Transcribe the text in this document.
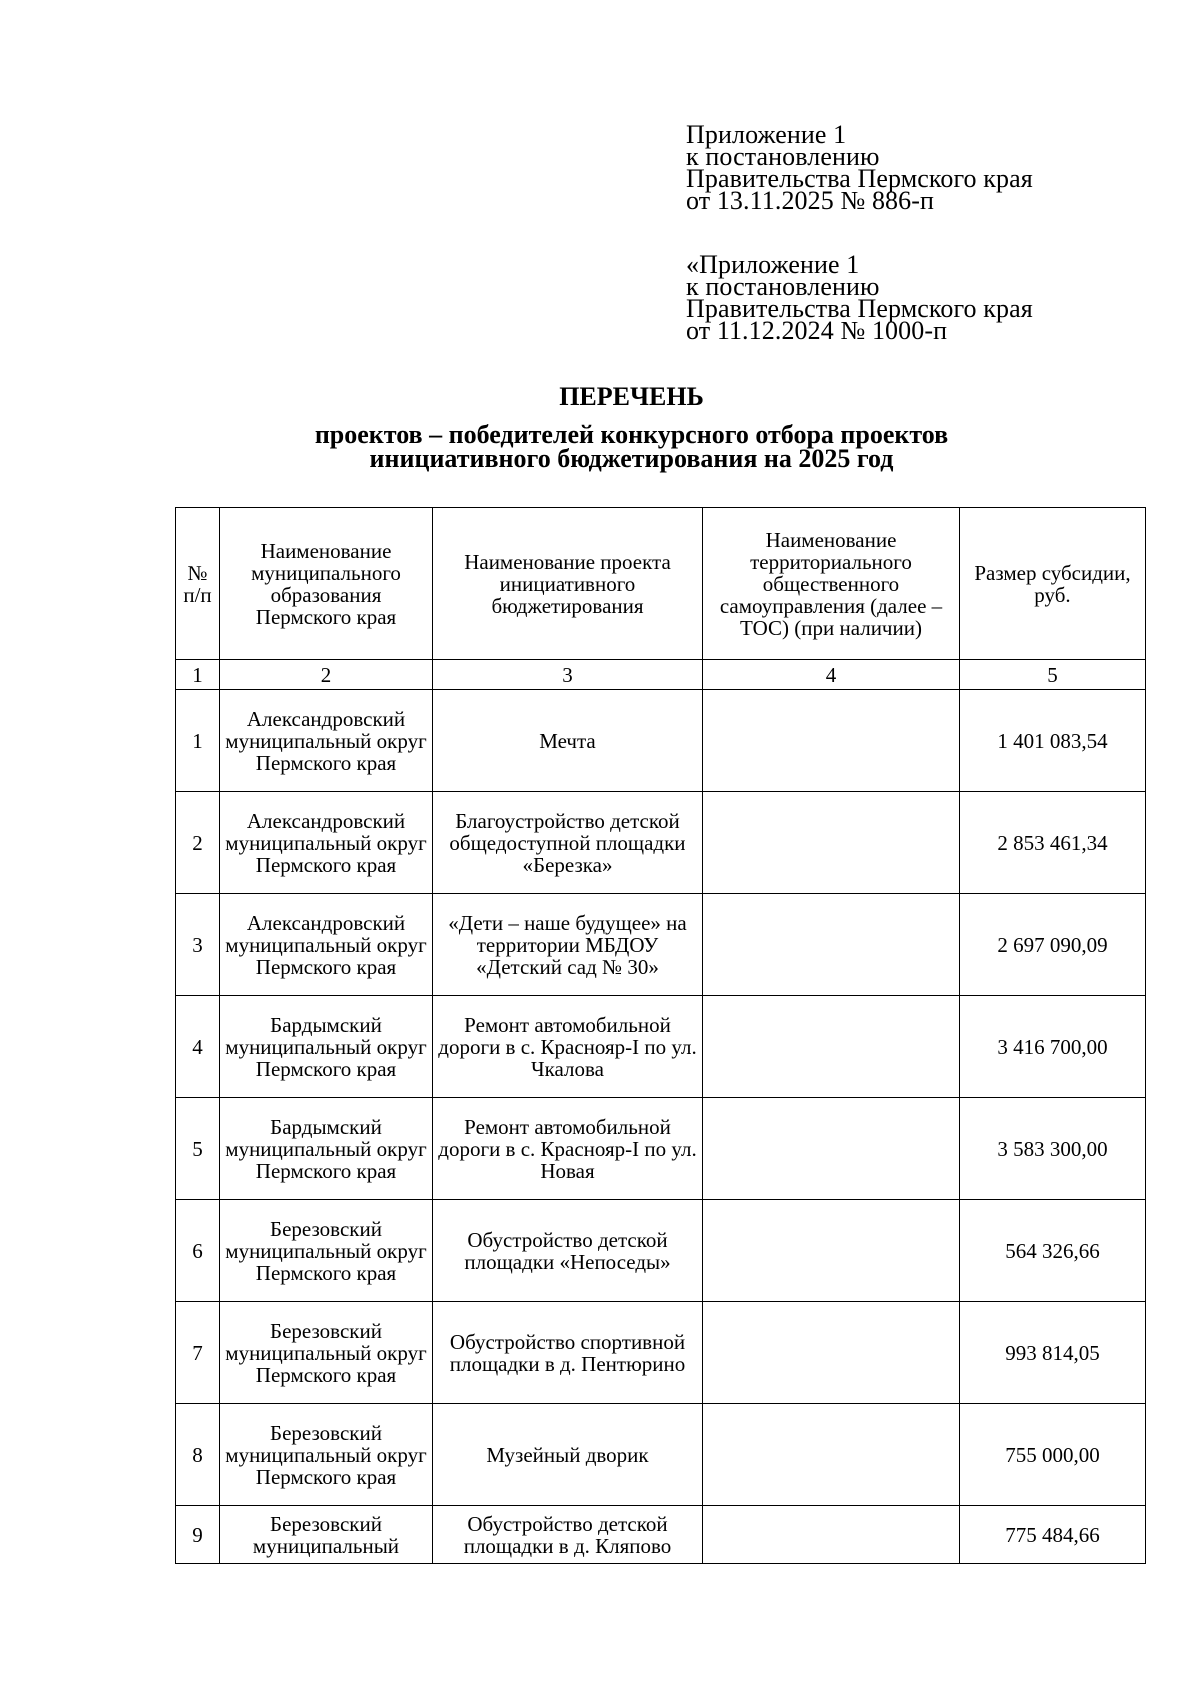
Приложение 1
к постановлению
Правительства Пермского края
от 13.11.2025 № 886-п
«Приложение 1
к постановлению
Правительства Пермского края
от 11.12.2024 № 1000-п
ПЕРЕЧЕНЬ
проектов – победителей конкурсного отбора проектов
инициативного бюджетирования на 2025 год
№ п/п	Наименование муниципального образования Пермского края	Наименование проекта инициативного бюджетирования	Наименование территориального общественного самоуправления (далее – ТОС) (при наличии)	Размер субсидии, руб.
1	2	3	4	5
1	Александровский муниципальный округ Пермского края	Мечта		1 401 083,54
2	Александровский муниципальный округ Пермского края	Благоустройство детской общедоступной площадки «Березка»		2 853 461,34
3	Александровский муниципальный округ Пермского края	«Дети – наше будущее» на территории МБДОУ «Детский сад № 30»		2 697 090,09
4	Бардымский муниципальный округ Пермского края	Ремонт автомобильной дороги в с. Краснояр-I по ул. Чкалова		3 416 700,00
5	Бардымский муниципальный округ Пермского края	Ремонт автомобильной дороги в с. Краснояр-I по ул. Новая		3 583 300,00
6	Березовский муниципальный округ Пермского края	Обустройство детской площадки «Непоседы»		564 326,66
7	Березовский муниципальный округ Пермского края	Обустройство спортивной площадки в д. Пентюрино		993 814,05
8	Березовский муниципальный округ Пермского края	Музейный дворик		755 000,00
9	Березовский муниципальный	Обустройство детской площадки в д. Кляпово		775 484,66
